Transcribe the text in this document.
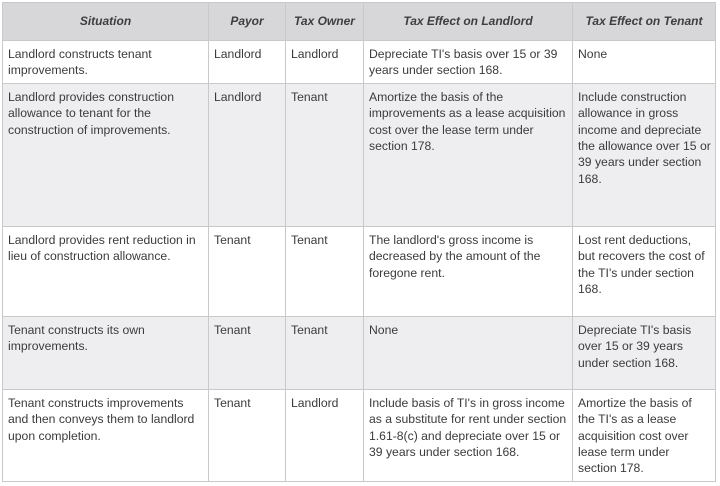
Situation	Payor	Tax Owner	Tax Effect on Landlord	Tax Effect on Tenant
Landlord constructs tenant improvements.	Landlord	Landlord	Depreciate TI's basis over 15 or 39 years under section 168.	None
Landlord provides construction allowance to tenant for the construction of improvements.	Landlord	Tenant	Amortize the basis of the improvements as a lease acquisition cost over the lease term under section 178.	Include construction allowance in gross income and depreciate the allowance over 15 or 39 years under section 168.
Landlord provides rent reduction in lieu of construction allowance.	Tenant	Tenant	The landlord's gross income is decreased by the amount of the foregone rent.	Lost rent deductions, but recovers the cost of the TI's under section 168.
Tenant constructs its own improvements.	Tenant	Tenant	None	Depreciate TI's basis over 15 or 39 years under section 168.
Tenant constructs improvements and then conveys them to landlord upon completion.	Tenant	Landlord	Include basis of TI's in gross income as a substitute for rent under section 1.61-8(c) and depreciate over 15 or 39 years under section 168.	Amortize the basis of the TI's as a lease acquisition cost over lease term under section 178.
